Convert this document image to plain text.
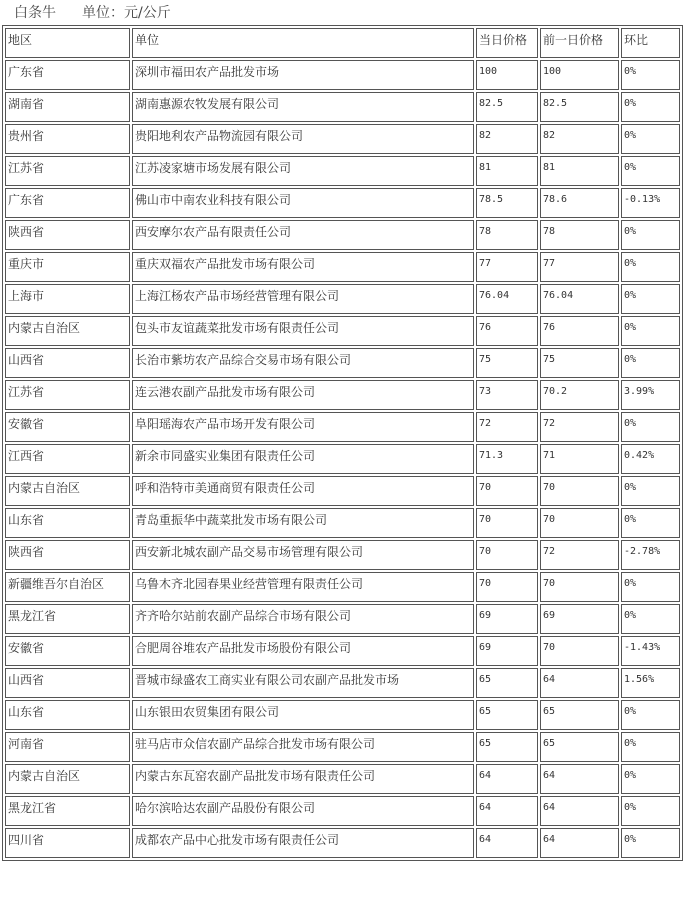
白条牛 单位：元/公斤
地区	单位	当日价格	前一日价格	环比
广东省	深圳市福田农产品批发市场	100	100	0%
湖南省	湖南惠源农牧发展有限公司	82.5	82.5	0%
贵州省	贵阳地利农产品物流园有限公司	82	82	0%
江苏省	江苏凌家塘市场发展有限公司	81	81	0%
广东省	佛山市中南农业科技有限公司	78.5	78.6	-0.13%
陕西省	西安摩尔农产品有限责任公司	78	78	0%
重庆市	重庆双福农产品批发市场有限公司	77	77	0%
上海市	上海江杨农产品市场经营管理有限公司	76.04	76.04	0%
内蒙古自治区	包头市友谊蔬菜批发市场有限责任公司	76	76	0%
山西省	长治市紫坊农产品综合交易市场有限公司	75	75	0%
江苏省	连云港农副产品批发市场有限公司	73	70.2	3.99%
安徽省	阜阳瑶海农产品市场开发有限公司	72	72	0%
江西省	新余市同盛实业集团有限责任公司	71.3	71	0.42%
内蒙古自治区	呼和浩特市美通商贸有限责任公司	70	70	0%
山东省	青岛重振华中蔬菜批发市场有限公司	70	70	0%
陕西省	西安新北城农副产品交易市场管理有限公司	70	72	-2.78%
新疆维吾尔自治区	乌鲁木齐北园春果业经营管理有限责任公司	70	70	0%
黑龙江省	齐齐哈尔站前农副产品综合市场有限公司	69	69	0%
安徽省	合肥周谷堆农产品批发市场股份有限公司	69	70	-1.43%
山西省	晋城市绿盛农工商实业有限公司农副产品批发市场	65	64	1.56%
山东省	山东银田农贸集团有限公司	65	65	0%
河南省	驻马店市众信农副产品综合批发市场有限公司	65	65	0%
内蒙古自治区	内蒙古东瓦窑农副产品批发市场有限责任公司	64	64	0%
黑龙江省	哈尔滨哈达农副产品股份有限公司	64	64	0%
四川省	成都农产品中心批发市场有限责任公司	64	64	0%
